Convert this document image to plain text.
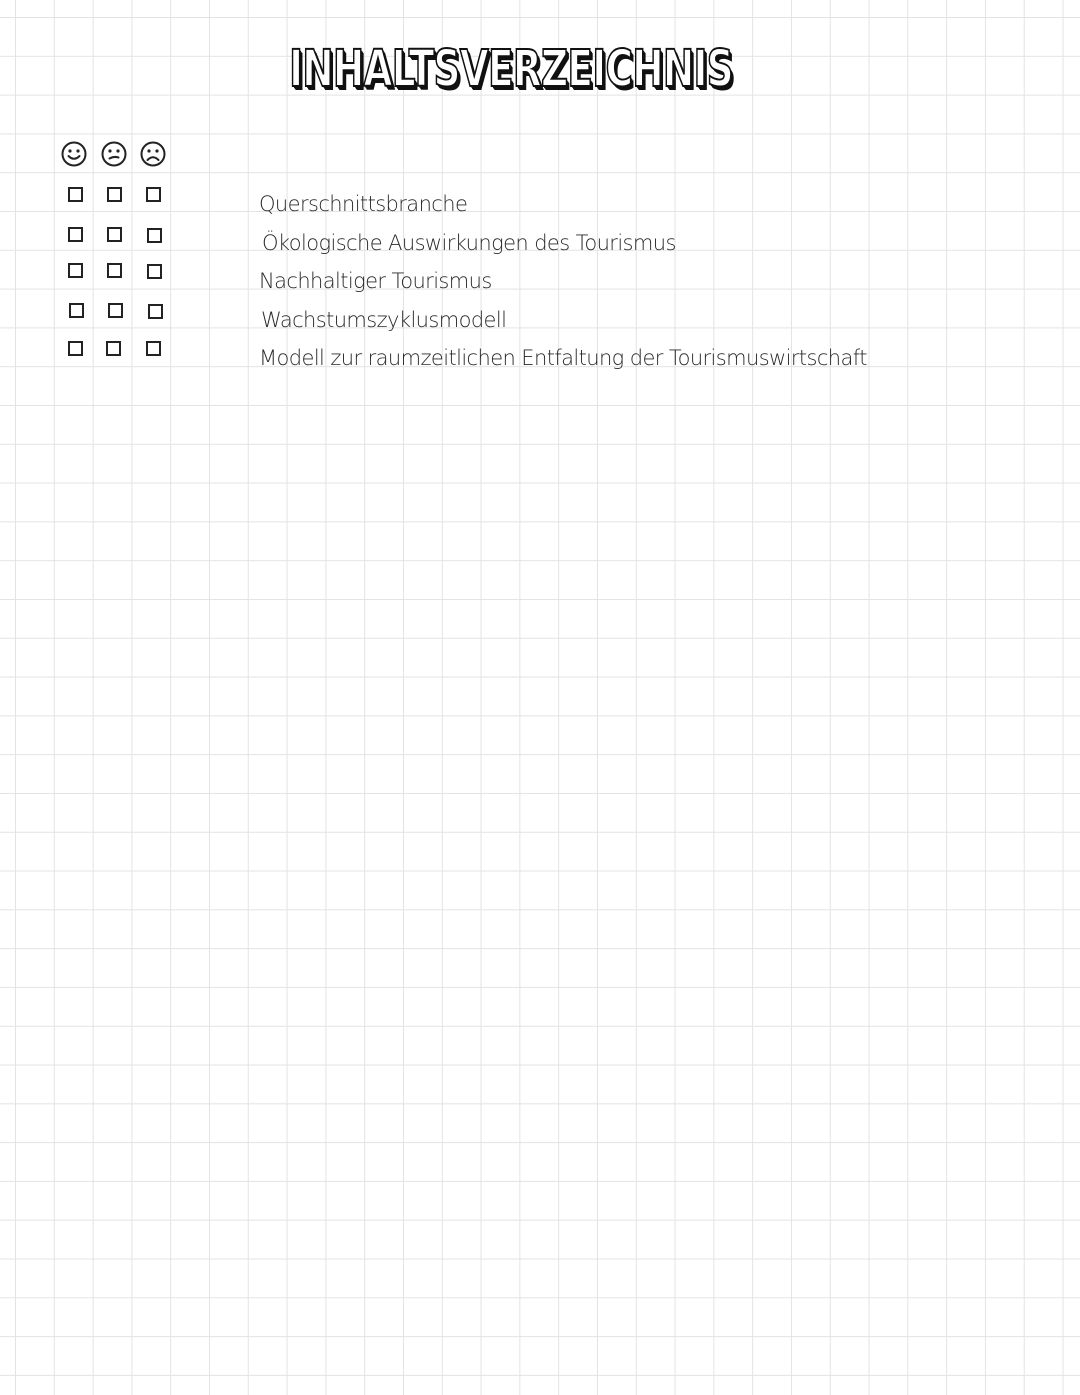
INHALTSVERZEICHNIS
Querschnittsbranche
Ökologische Auswirkungen des Tourismus
Nachhaltiger Tourismus
Wachstumszyklusmodell
Modell zur raumzeitlichen Entfaltung der Tourismuswirtschaft
